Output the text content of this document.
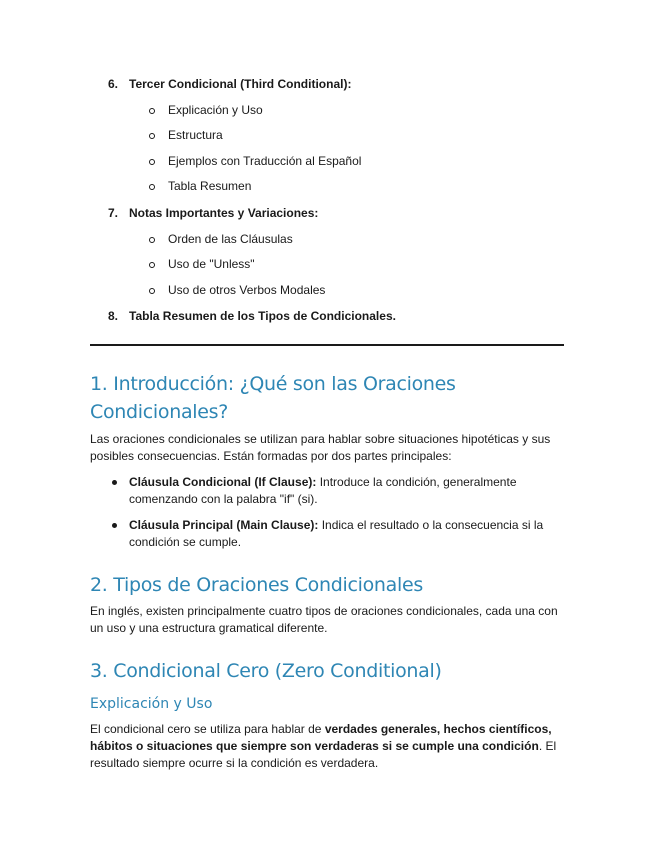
6. Tercer Condicional (Third Conditional):
Explicación y Uso
Estructura
Ejemplos con Traducción al Español
Tabla Resumen
7. Notas Importantes y Variaciones:
Orden de las Cláusulas
Uso de "Unless"
Uso de otros Verbos Modales
8. Tabla Resumen de los Tipos de Condicionales.
1. Introducción: ¿Qué son las Oraciones
Condicionales?

Las oraciones condicionales se utilizan para hablar sobre situaciones hipotéticas y sus posibles consecuencias. Están formadas por dos partes principales:

Cláusula Condicional (If Clause): Introduce la condición, generalmente comenzando con la palabra "if" (si).
Cláusula Principal (Main Clause): Indica el resultado o la consecuencia si la condición se cumple.
2. Tipos de Oraciones Condicionales

En inglés, existen principalmente cuatro tipos de oraciones condicionales, cada una con un uso y una estructura gramatical diferente.

3. Condicional Cero (Zero Conditional)
Explicación y Uso

El condicional cero se utiliza para hablar de verdades generales, hechos científicos, hábitos o situaciones que siempre son verdaderas si se cumple una condición. El resultado siempre ocurre si la condición es verdadera.
